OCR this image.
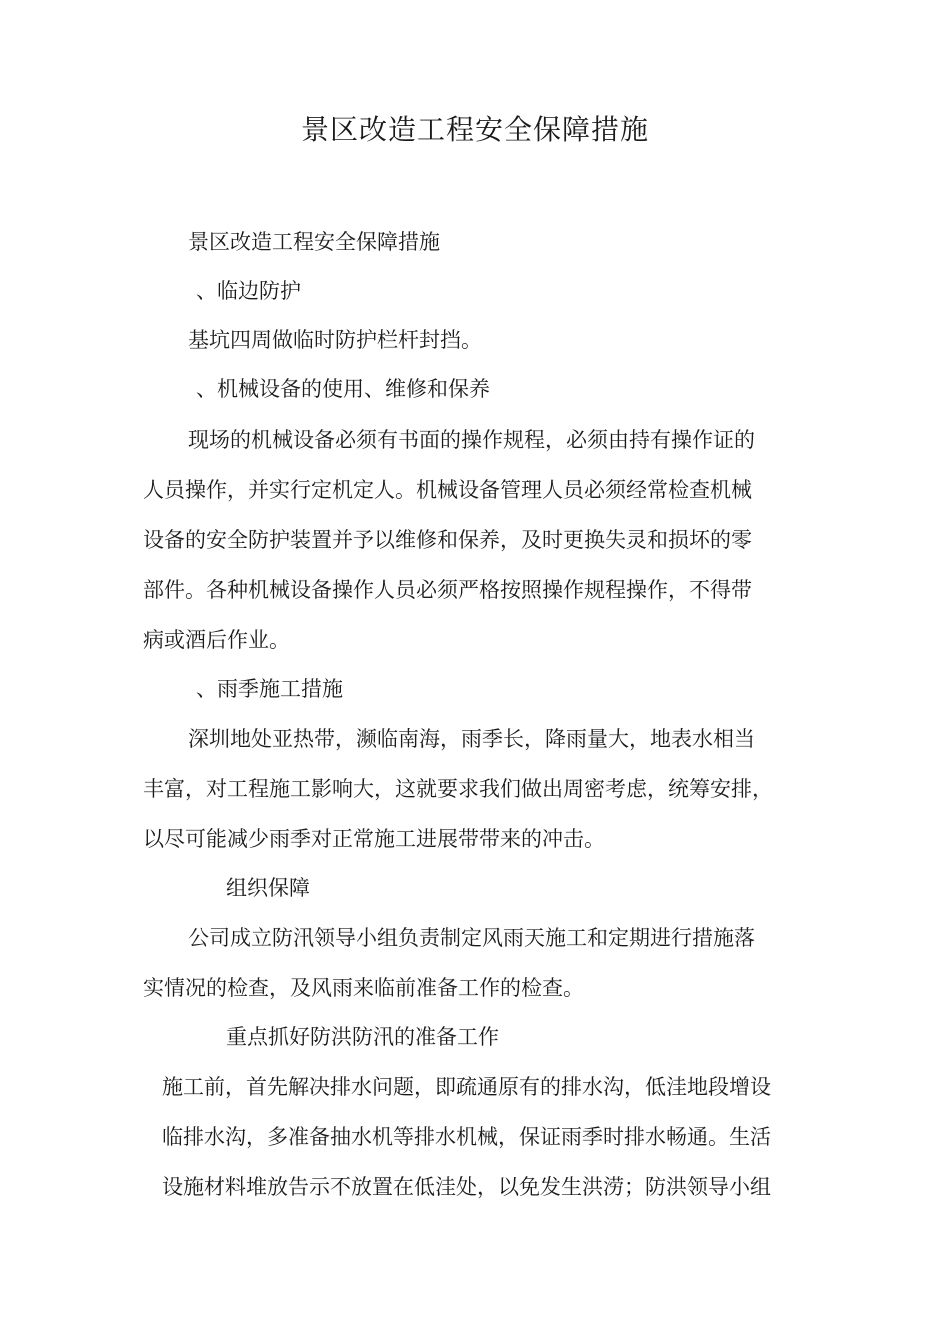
景区改造工程安全保障措施
景区改造工程安全保障措施
、临边防护
基坑四周做临时防护栏杆封挡。
、机械设备的使用、维修和保养
现场的机械设备必须有书面的操作规程，必须由持有操作证的
人员操作，并实行定机定人。机械设备管理人员必须经常检查机械
设备的安全防护装置并予以维修和保养，及时更换失灵和损坏的零
部件。各种机械设备操作人员必须严格按照操作规程操作，不得带
病或酒后作业。
、雨季施工措施
深圳地处亚热带，濒临南海，雨季长，降雨量大，地表水相当
丰富，对工程施工影响大，这就要求我们做出周密考虑，统筹安排，
以尽可能减少雨季对正常施工进展带带来的冲击。
组织保障
公司成立防汛领导小组负责制定风雨天施工和定期进行措施落
实情况的检查，及风雨来临前准备工作的检查。
重点抓好防洪防汛的准备工作
施工前，首先解决排水问题，即疏通原有的排水沟，低洼地段增设
临排水沟，多准备抽水机等排水机械，保证雨季时排水畅通。生活
设施材料堆放告示不放置在低洼处，以免发生洪涝；防洪领导小组
